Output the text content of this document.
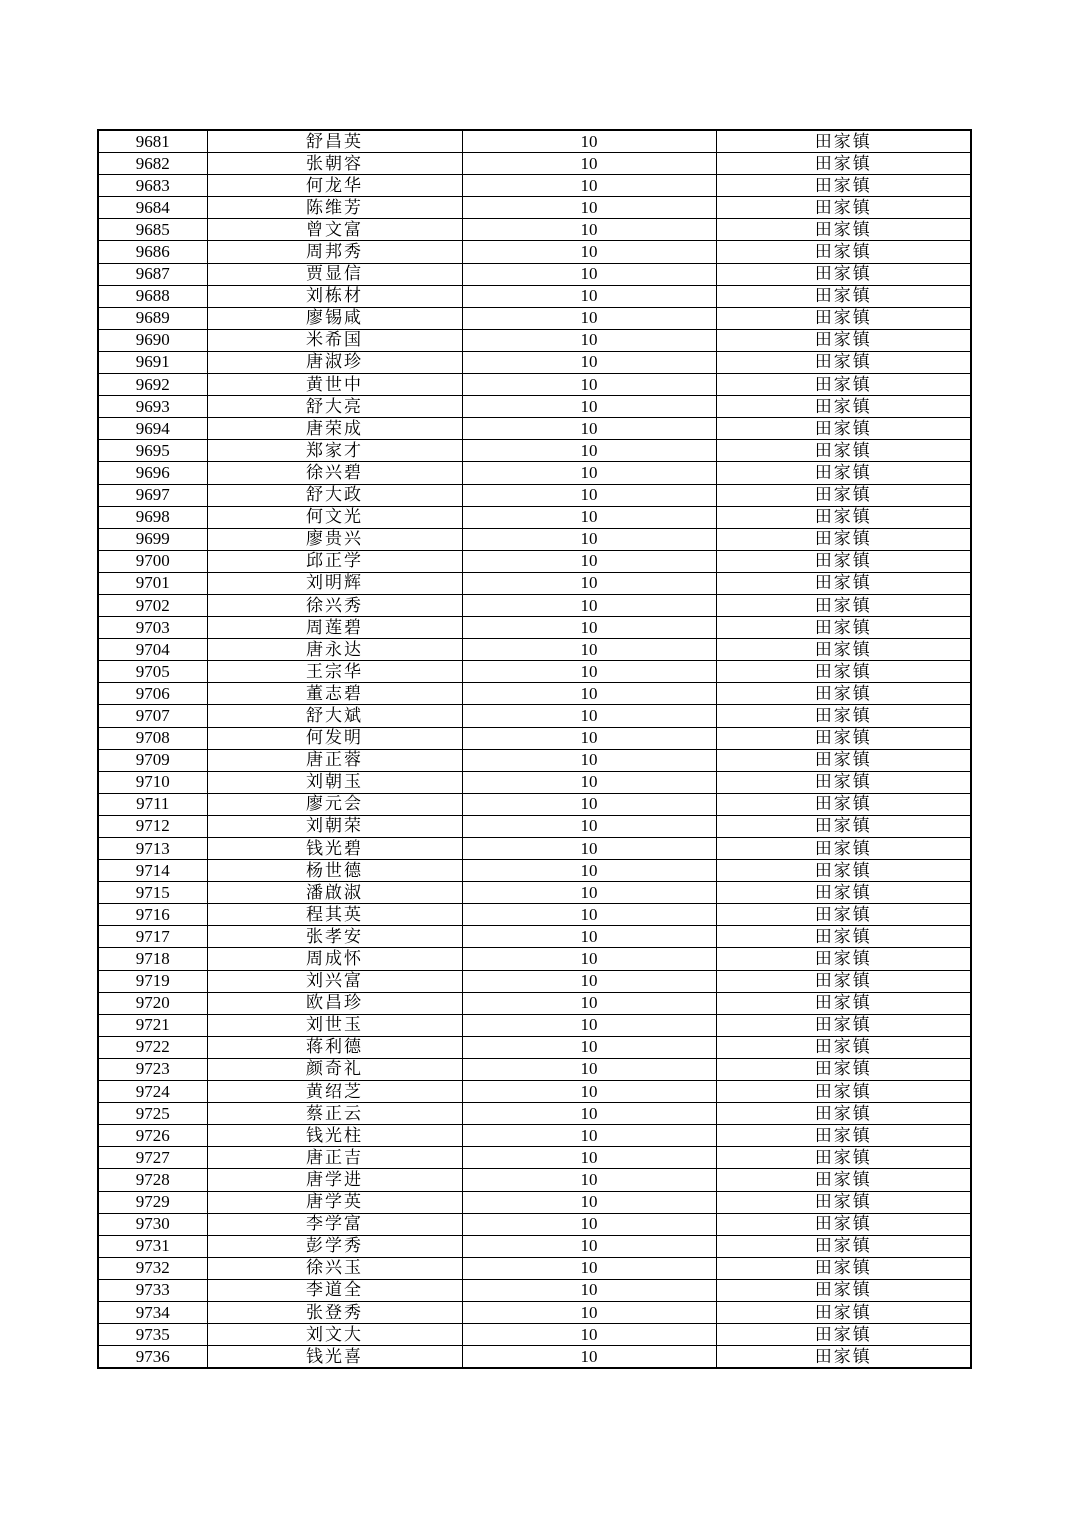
9681	舒昌英	10	田家镇
9682	张朝容	10	田家镇
9683	何龙华	10	田家镇
9684	陈维芳	10	田家镇
9685	曾文富	10	田家镇
9686	周邦秀	10	田家镇
9687	贾显信	10	田家镇
9688	刘栋材	10	田家镇
9689	廖锡咸	10	田家镇
9690	米希国	10	田家镇
9691	唐淑珍	10	田家镇
9692	黄世中	10	田家镇
9693	舒大亮	10	田家镇
9694	唐荣成	10	田家镇
9695	郑家才	10	田家镇
9696	徐兴碧	10	田家镇
9697	舒大政	10	田家镇
9698	何文光	10	田家镇
9699	廖贵兴	10	田家镇
9700	邱正学	10	田家镇
9701	刘明辉	10	田家镇
9702	徐兴秀	10	田家镇
9703	周莲碧	10	田家镇
9704	唐永达	10	田家镇
9705	王宗华	10	田家镇
9706	董志碧	10	田家镇
9707	舒大斌	10	田家镇
9708	何发明	10	田家镇
9709	唐正蓉	10	田家镇
9710	刘朝玉	10	田家镇
9711	廖元会	10	田家镇
9712	刘朝荣	10	田家镇
9713	钱光碧	10	田家镇
9714	杨世德	10	田家镇
9715	潘啟淑	10	田家镇
9716	程其英	10	田家镇
9717	张孝安	10	田家镇
9718	周成怀	10	田家镇
9719	刘兴富	10	田家镇
9720	欧昌珍	10	田家镇
9721	刘世玉	10	田家镇
9722	蒋利德	10	田家镇
9723	颜奇礼	10	田家镇
9724	黄绍芝	10	田家镇
9725	蔡正云	10	田家镇
9726	钱光柱	10	田家镇
9727	唐正吉	10	田家镇
9728	唐学进	10	田家镇
9729	唐学英	10	田家镇
9730	李学富	10	田家镇
9731	彭学秀	10	田家镇
9732	徐兴玉	10	田家镇
9733	李道全	10	田家镇
9734	张登秀	10	田家镇
9735	刘文大	10	田家镇
9736	钱光喜	10	田家镇
